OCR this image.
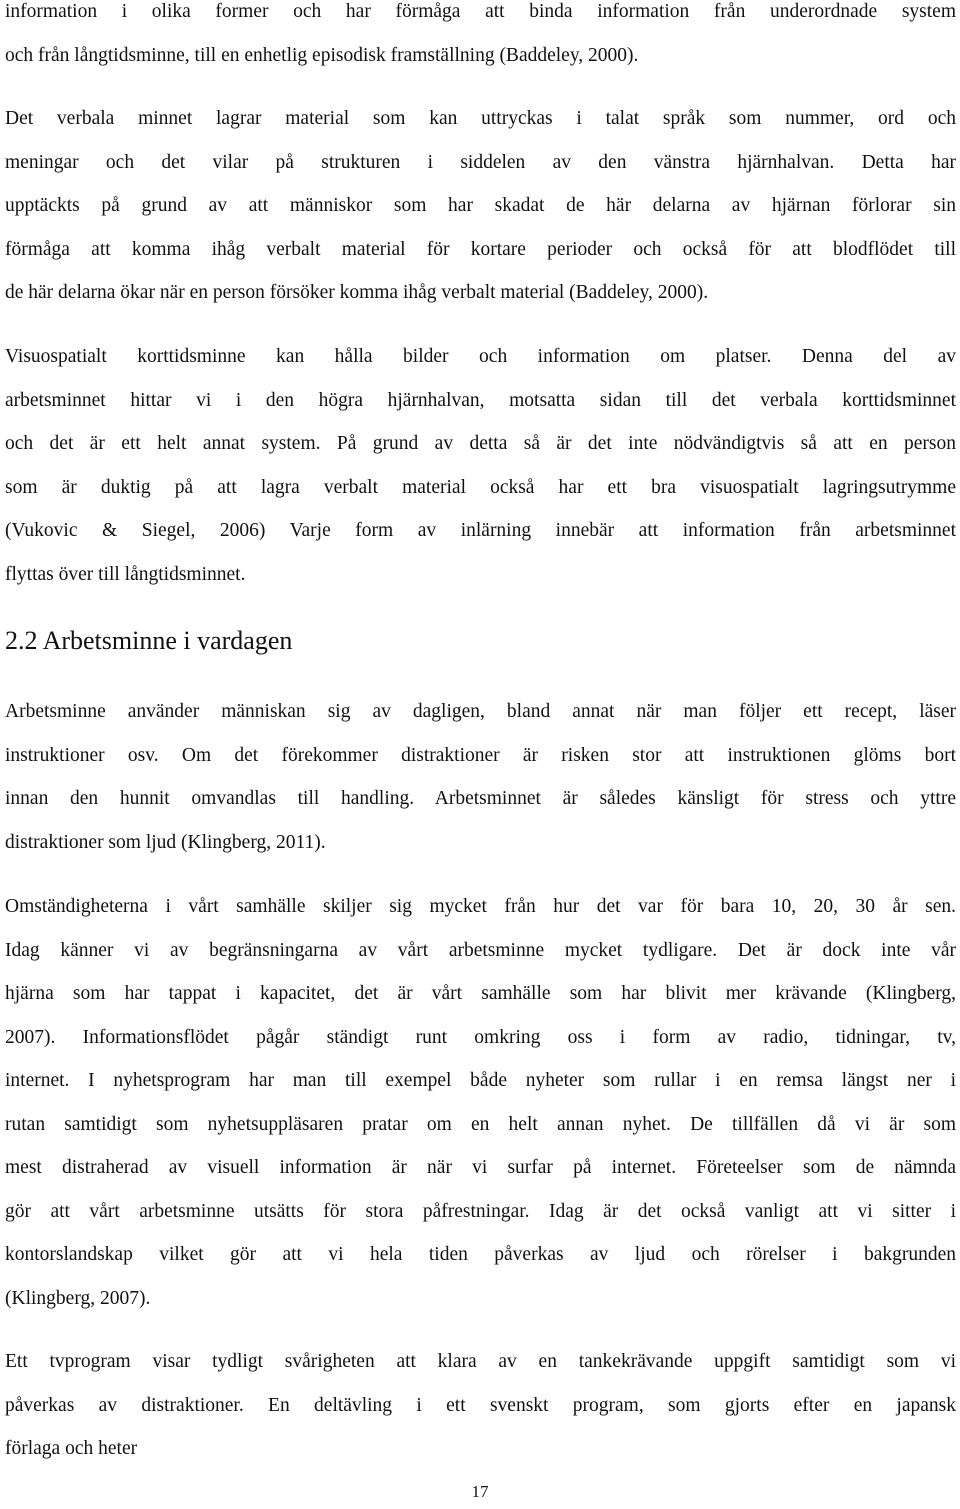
information i olika former och har förmåga att binda information från underordnade system
och från långtidsminne, till en enhetlig episodisk framställning (Baddeley, 2000).
Det verbala minnet lagrar material som kan uttryckas i talat språk som nummer, ord och
meningar och det vilar på strukturen i siddelen av den vänstra hjärnhalvan. Detta har
upptäckts på grund av att människor som har skadat de här delarna av hjärnan förlorar sin
förmåga att komma ihåg verbalt material för kortare perioder och också för att blodflödet till
de här delarna ökar när en person försöker komma ihåg verbalt material (Baddeley, 2000).
Visuospatialt korttidsminne kan hålla bilder och information om platser. Denna del av
arbetsminnet hittar vi i den högra hjärnhalvan, motsatta sidan till det verbala korttidsminnet
och det är ett helt annat system. På grund av detta så är det inte nödvändigtvis så att en person
som är duktig på att lagra verbalt material också har ett bra visuospatialt lagringsutrymme
(Vukovic & Siegel, 2006) Varje form av inlärning innebär att information från arbetsminnet
flyttas över till långtidsminnet.
2.2 Arbetsminne i vardagen
Arbetsminne använder människan sig av dagligen, bland annat när man följer ett recept, läser
instruktioner osv. Om det förekommer distraktioner är risken stor att instruktionen glöms bort
innan den hunnit omvandlas till handling. Arbetsminnet är således känsligt för stress och yttre
distraktioner som ljud (Klingberg, 2011).
Omständigheterna i vårt samhälle skiljer sig mycket från hur det var för bara 10, 20, 30 år sen.
Idag känner vi av begränsningarna av vårt arbetsminne mycket tydligare. Det är dock inte vår
hjärna som har tappat i kapacitet, det är vårt samhälle som har blivit mer krävande (Klingberg,
2007). Informationsflödet pågår ständigt runt omkring oss i form av radio, tidningar, tv,
internet. I nyhetsprogram har man till exempel både nyheter som rullar i en remsa längst ner i
rutan samtidigt som nyhetsuppläsaren pratar om en helt annan nyhet. De tillfällen då vi är som
mest distraherad av visuell information är när vi surfar på internet. Företeelser som de nämnda
gör att vårt arbetsminne utsätts för stora påfrestningar. Idag är det också vanligt att vi sitter i
kontorslandskap vilket gör att vi hela tiden påverkas av ljud och rörelser i bakgrunden
(Klingberg, 2007).
Ett tvprogram visar tydligt svårigheten att klara av en tankekrävande uppgift samtidigt som vi
påverkas av distraktioner. En deltävling i ett svenskt program, som gjorts efter en japansk
förlaga och heter
17
